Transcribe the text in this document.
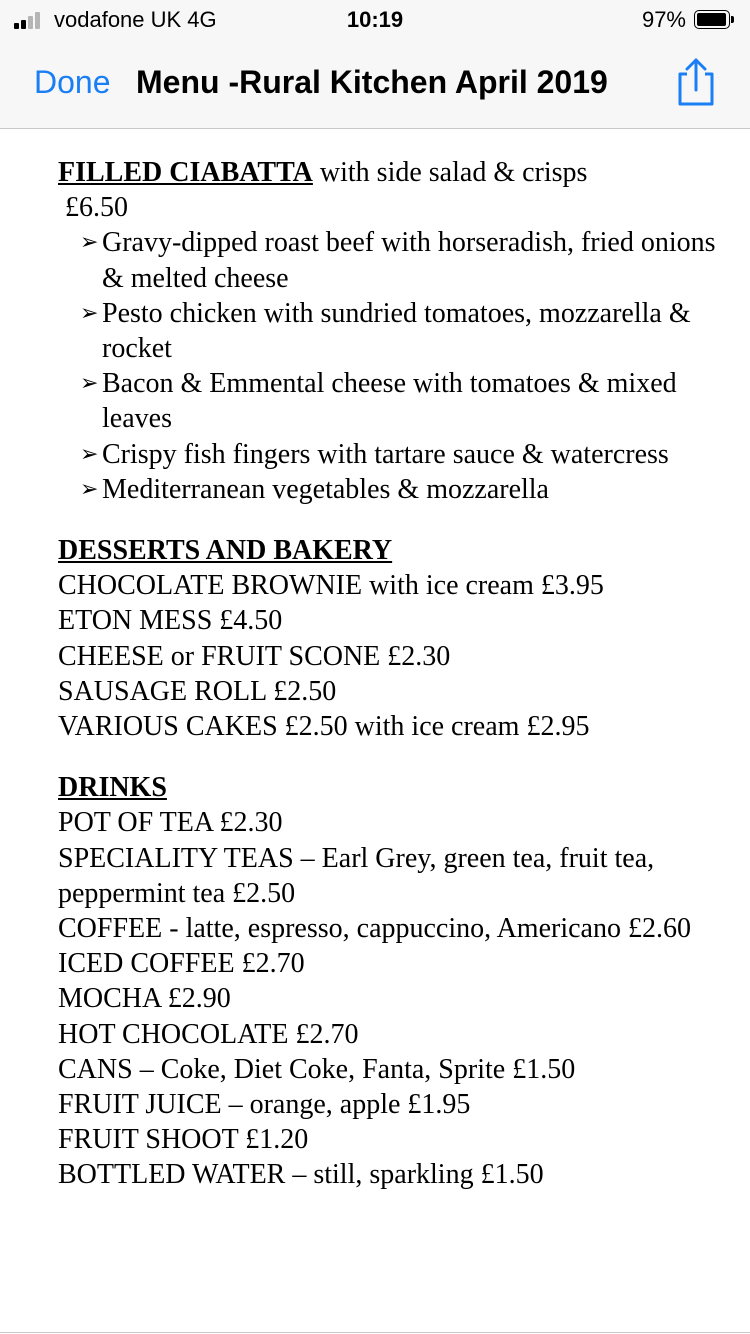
vodafone UK 4G	10:19	97%
Done Menu -Rural Kitchen April 2019
FILLED CIABATTA with side salad & crisps
£6.50
➢ Gravy-dipped roast beef with horseradish, fried onions & melted cheese
➢ Pesto chicken with sundried tomatoes, mozzarella & rocket
➢ Bacon & Emmental cheese with tomatoes & mixed leaves
➢ Crispy fish fingers with tartare sauce & watercress
➢ Mediterranean vegetables & mozzarella
DESSERTS AND BAKERY
CHOCOLATE BROWNIE with ice cream £3.95
ETON MESS £4.50
CHEESE or FRUIT SCONE £2.30
SAUSAGE ROLL £2.50
VARIOUS CAKES £2.50 with ice cream £2.95
DRINKS
POT OF TEA £2.30
SPECIALITY TEAS – Earl Grey, green tea, fruit tea, peppermint tea £2.50
COFFEE - latte, espresso, cappuccino, Americano £2.60
ICED COFFEE £2.70
MOCHA £2.90
HOT CHOCOLATE £2.70
CANS – Coke, Diet Coke, Fanta, Sprite £1.50
FRUIT JUICE – orange, apple £1.95
FRUIT SHOOT £1.20
BOTTLED WATER – still, sparkling £1.50
